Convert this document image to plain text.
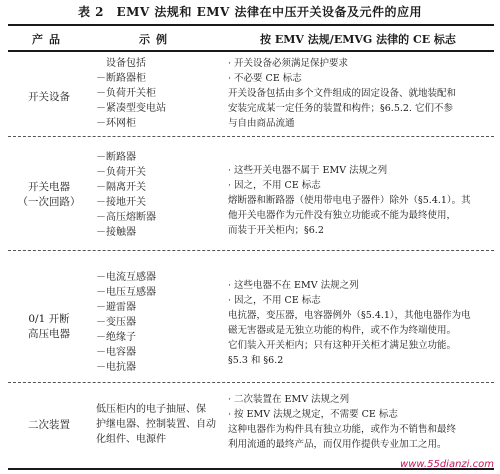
表 2　EMV 法规和 EMV 法律在中压开关设备及元件的应用
产品	示例	按 EMV 法规/EMVG 法律的 CE 标志
开关设备
设备包括
－断路器柜
－负荷开关柜
－紧凑型变电站
－环网柜
· 开关设备必须满足保护要求
· 不必要 CE 标志
开关设备包括由多个文件组成的固定设备、就地装配和
安装完成某一定任务的装置和构件；§6.5.2. 它们不参
与自由商品流通
开关电器
（一次回路）
－断路器
－负荷开关
－隔离开关
－接地开关
－高压熔断器
－接触器
· 这些开关电器不属于 EMV 法规之列
· 因之，不用 CE 标志
熔断器和断路器（使用带电电子器件）除外（§5.4.1）。其
他开关电器作为元件没有独立功能或不能为最终使用，
而装于开关柜内；§6.2
0/1 开断
高压电器
－电流互感器
－电压互感器
－避雷器
－变压器
－绝缘子
－电容器
－电抗器
· 这些电器不在 EMV 法规之列
· 因之，不用 CE 标志
电抗器，变压器，电容器例外（§5.4.1），其他电器作为电
磁无害器或是无独立功能的构件，或不作为终端使用。
它们装入开关柜内；只有这种开关柜才满足独立功能。
§5.3 和 §6.2
二次装置
低压柜内的电子抽屉、保
护继电器、控制装置、自动
化组件、电源件
· 二次装置在 EMV 法规之列
· 按 EMV 法规之规定，不需要 CE 标志
这种电器作为构件具有独立功能，或作为不销售和最终
利用流通的最终产品，而仅用作提供专业加工之用。
www.55dianzi.com
